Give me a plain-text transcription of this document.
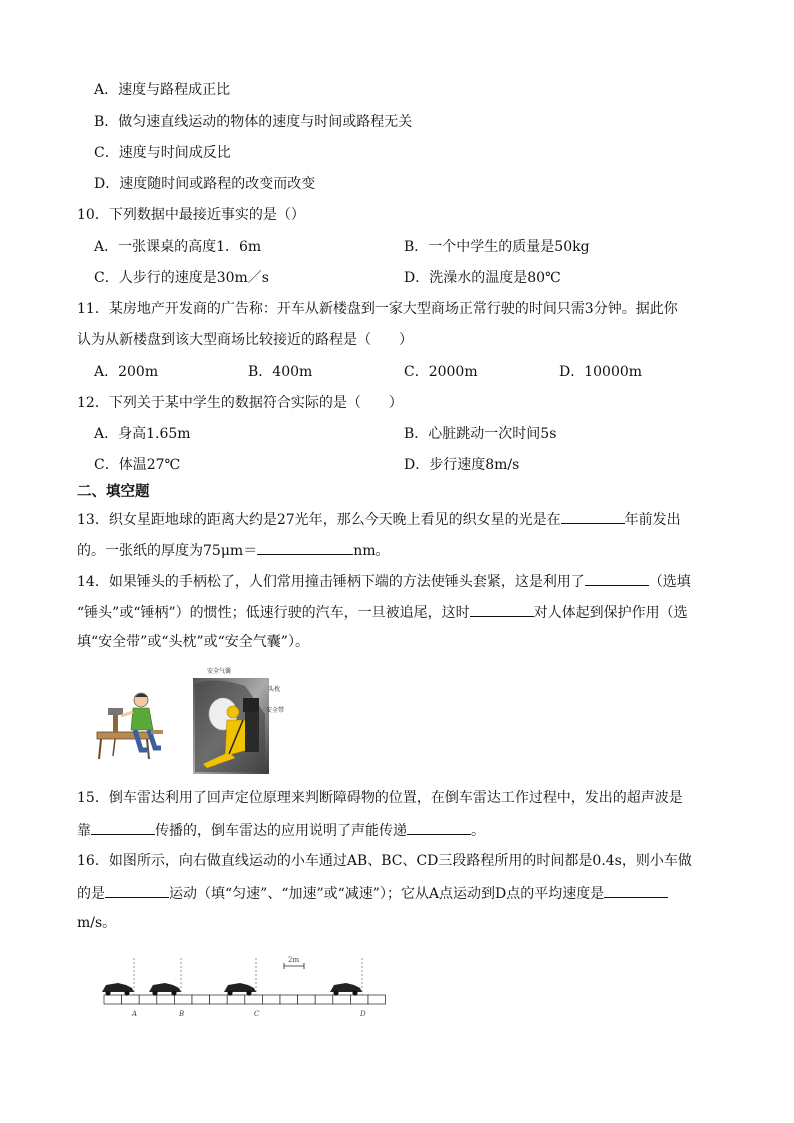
A．速度与路程成正比
B．做匀速直线运动的物体的速度与时间或路程无关
C．速度与时间成反比
D．速度随时间或路程的改变而改变
10．下列数据中最接近事实的是（）
A．一张课桌的高度1．6m	B．一个中学生的质量是50kg
C．人步行的速度是30m／s	D．洗澡水的温度是80℃
11．某房地产开发商的广告称：开车从新楼盘到一家大型商场正常行驶的时间只需3分钟。据此你
认为从新楼盘到该大型商场比较接近的路程是（　　）
A．200m	B．400m	C．2000m	D．10000m
12．下列关于某中学生的数据符合实际的是（　　）
A．身高1.65m	B．心脏跳动一次时间5s
C．体温27℃	D．步行速度8m/s
二、填空题
13．织女星距地球的距离大约是27光年，那么今天晚上看见的织女星的光是在	年前发出
的。一张纸的厚度为75μm＝	nm。
14．如果锤头的手柄松了，人们常用撞击锤柄下端的方法使锤头套紧，这是利用了	（选填
“锤头”或“锤柄”）的惯性；低速行驶的汽车，一旦被追尾，这时	对人体起到保护作用（选
填“安全带”或“头枕”或“安全气囊”）。
安全气囊
头枕
安全带
15．倒车雷达利用了回声定位原理来判断障碍物的位置，在倒车雷达工作过程中，发出的超声波是
靠	传播的，倒车雷达的应用说明了声能传递	。
16．如图所示，向右做直线运动的小车通过AB、BC、CD三段路程所用的时间都是0.4s，则小车做
的是	运动（填“匀速”、“加速”或“减速”）；它从A点运动到D点的平均速度是
m/s。
2m
A	B	C	D
